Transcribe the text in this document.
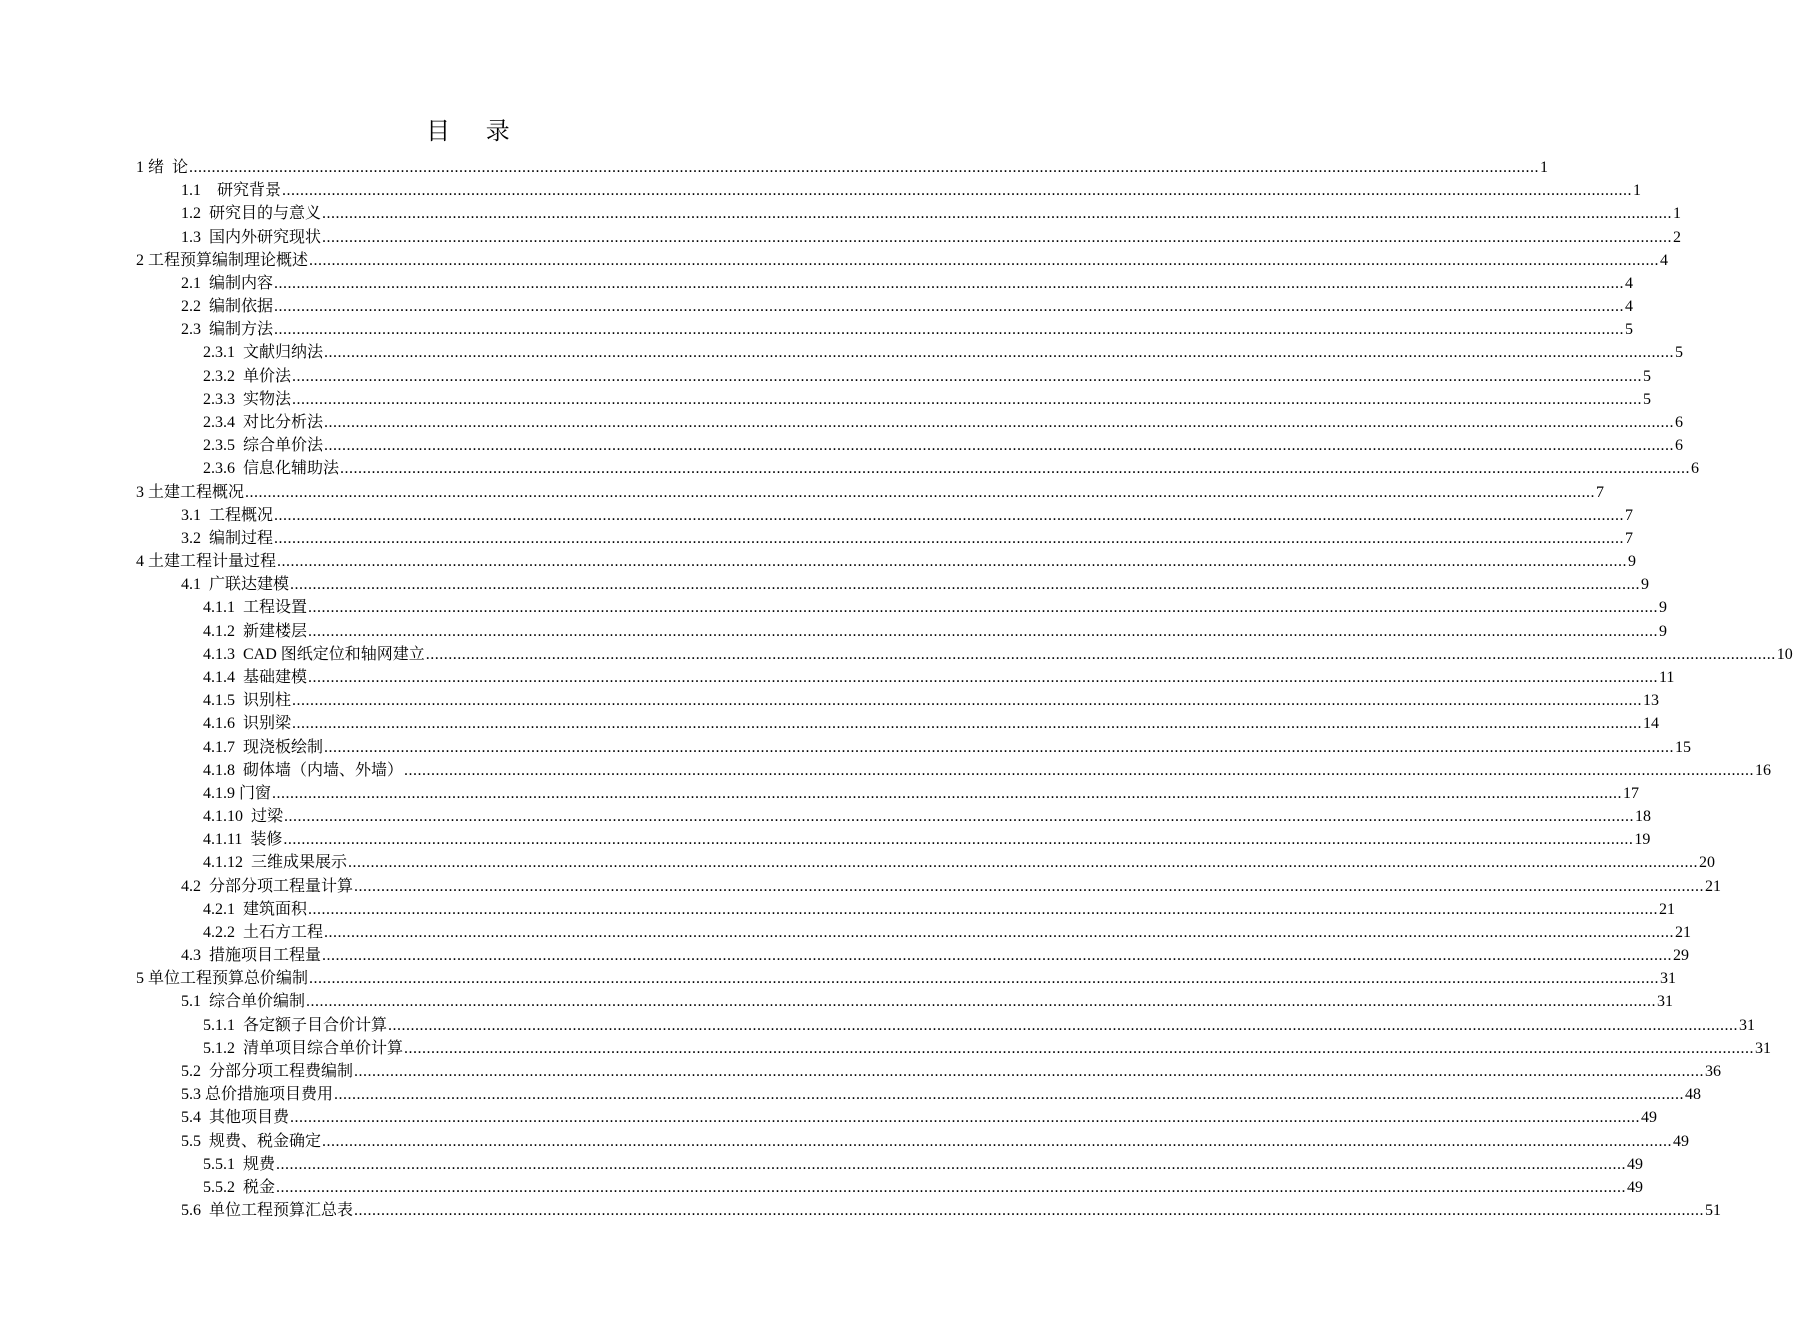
目 录
1
绪  论 ............................................................................................................................................................................................................................................................................................................ 1
1.1
研究背景 ............................................................................................................................................................................................................................................................................................................ 1
1.2
研究目的与意义 ............................................................................................................................................................................................................................................................................................................ 1
1.3
国内外研究现状 ............................................................................................................................................................................................................................................................................................................ 2
2
工程预算编制理论概述 ............................................................................................................................................................................................................................................................................................................ 4
2.1
编制内容 ............................................................................................................................................................................................................................................................................................................ 4
2.2
编制依据 ............................................................................................................................................................................................................................................................................................................ 4
2.3
编制方法 ............................................................................................................................................................................................................................................................................................................ 5
2.3.1
文献归纳法 ............................................................................................................................................................................................................................................................................................................ 5
2.3.2
单价法 ............................................................................................................................................................................................................................................................................................................ 5
2.3.3
实物法 ............................................................................................................................................................................................................................................................................................................ 5
2.3.4
对比分析法 ............................................................................................................................................................................................................................................................................................................ 6
2.3.5
综合单价法 ............................................................................................................................................................................................................................................................................................................ 6
2.3.6
信息化辅助法 ............................................................................................................................................................................................................................................................................................................ 6
3
土建工程概况 ............................................................................................................................................................................................................................................................................................................ 7
3.1
工程概况 ............................................................................................................................................................................................................................................................................................................ 7
3.2
编制过程 ............................................................................................................................................................................................................................................................................................................ 7
4
土建工程计量过程 ............................................................................................................................................................................................................................................................................................................ 9
4.1
广联达建模 ............................................................................................................................................................................................................................................................................................................ 9
4.1.1
工程设置 ............................................................................................................................................................................................................................................................................................................ 9
4.1.2
新建楼层 ............................................................................................................................................................................................................................................................................................................ 9
4.1.3
CAD 图纸定位和轴网建立 ............................................................................................................................................................................................................................................................................................................ 10
4.1.4
基础建模 ............................................................................................................................................................................................................................................................................................................ 11
4.1.5
识别柱 ............................................................................................................................................................................................................................................................................................................ 13
4.1.6
识别梁 ............................................................................................................................................................................................................................................................................................................ 14
4.1.7
现浇板绘制 ............................................................................................................................................................................................................................................................................................................ 15
4.1.8
砌体墙（内墙、外墙） ............................................................................................................................................................................................................................................................................................................ 16
4.1.9
门窗 ............................................................................................................................................................................................................................................................................................................ 17
4.1.10
过梁 ............................................................................................................................................................................................................................................................................................................ 18
4.1.11
装修 ............................................................................................................................................................................................................................................................................................................ 19
4.1.12
三维成果展示 ............................................................................................................................................................................................................................................................................................................ 20
4.2
分部分项工程量计算 ............................................................................................................................................................................................................................................................................................................ 21
4.2.1
建筑面积 ............................................................................................................................................................................................................................................................................................................ 21
4.2.2
土石方工程 ............................................................................................................................................................................................................................................................................................................ 21
4.3
措施项目工程量 ............................................................................................................................................................................................................................................................................................................ 29
5
单位工程预算总价编制 ............................................................................................................................................................................................................................................................................................................ 31
5.1
综合单价编制 ............................................................................................................................................................................................................................................................................................................ 31
5.1.1
各定额子目合价计算 ............................................................................................................................................................................................................................................................................................................ 31
5.1.2
清单项目综合单价计算 ............................................................................................................................................................................................................................................................................................................ 31
5.2
分部分项工程费编制 ............................................................................................................................................................................................................................................................................................................ 36
5.3
总价措施项目费用 ............................................................................................................................................................................................................................................................................................................ 48
5.4
其他项目费 ............................................................................................................................................................................................................................................................................................................ 49
5.5
规费、税金确定 ............................................................................................................................................................................................................................................................................................................ 49
5.5.1
规费 ............................................................................................................................................................................................................................................................................................................ 49
5.5.2
税金 ............................................................................................................................................................................................................................................................................................................ 49
5.6
单位工程预算汇总表 ............................................................................................................................................................................................................................................................................................................ 51
